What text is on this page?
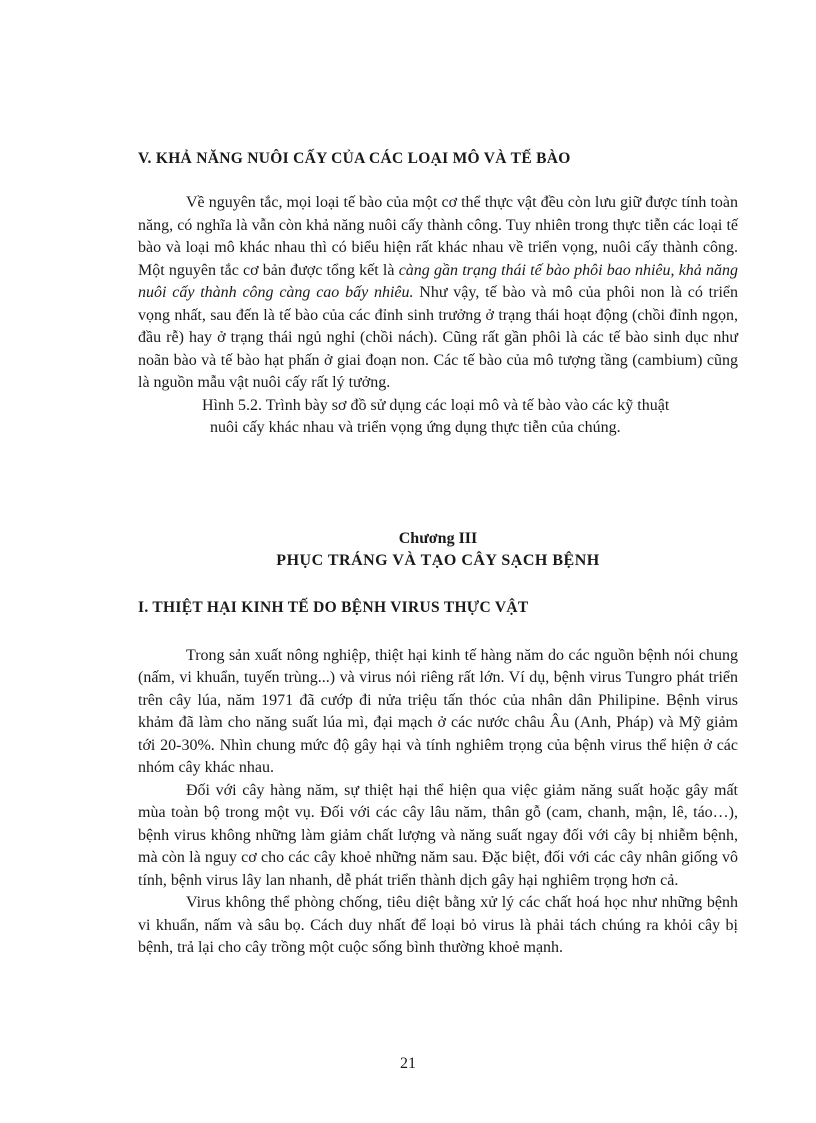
V. KHẢ NĂNG NUÔI CẤY CỦA CÁC LOẠI MÔ VÀ TẾ BÀO

Về nguyên tắc, mọi loại tế bào của một cơ thể thực vật đều còn lưu giữ được tính toàn năng, có nghĩa là vẫn còn khả năng nuôi cấy thành công. Tuy nhiên trong thực tiễn các loại tế bào và loại mô khác nhau thì có biểu hiện rất khác nhau về triển vọng, nuôi cấy thành công. Một nguyên tắc cơ bản được tổng kết là càng gần trạng thái tế bào phôi bao nhiêu, khả năng nuôi cấy thành công càng cao bấy nhiêu. Như vậy, tế bào và mô của phôi non là có triển vọng nhất, sau đến là tế bào của các đỉnh sinh trưởng ở trạng thái hoạt động (chồi đỉnh ngọn, đầu rễ) hay ở trạng thái ngủ nghỉ (chồi nách). Cũng rất gần phôi là các tế bào sinh dục như noãn bào và tế bào hạt phấn ở giai đoạn non. Các tế bào của mô tượng tầng (cambium) cũng là nguồn mẫu vật nuôi cấy rất lý tưởng.

Hình 5.2. Trình bày sơ đồ sử dụng các loại mô và tế bào vào các kỹ thuật
nuôi cấy khác nhau và triển vọng ứng dụng thực tiễn của chúng.

Chương III
PHỤC TRÁNG VÀ TẠO CÂY SẠCH BỆNH
I. THIỆT HẠI KINH TẾ DO BỆNH VIRUS THỰC VẬT

Trong sản xuất nông nghiệp, thiệt hại kinh tế hàng năm do các nguồn bệnh nói chung (nấm, vi khuẩn, tuyến trùng...) và virus nói riêng rất lớn. Ví dụ, bệnh virus Tungro phát triển trên cây lúa, năm 1971 đã cướp đi nửa triệu tấn thóc của nhân dân Philipine. Bệnh virus khảm đã làm cho năng suất lúa mì, đại mạch ở các nước châu Âu (Anh, Pháp) và Mỹ giảm tới 20-30%. Nhìn chung mức độ gây hại và tính nghiêm trọng của bệnh virus thể hiện ở các nhóm cây khác nhau.

Đối với cây hàng năm, sự thiệt hại thể hiện qua việc giảm năng suất hoặc gây mất mùa toàn bộ trong một vụ. Đối với các cây lâu năm, thân gỗ (cam, chanh, mận, lê, táo…), bệnh virus không những làm giảm chất lượng và năng suất ngay đối với cây bị nhiễm bệnh, mà còn là nguy cơ cho các cây khoẻ những năm sau. Đặc biệt, đối với các cây nhân giống vô tính, bệnh virus lây lan nhanh, dễ phát triển thành dịch gây hại nghiêm trọng hơn cả.

Virus không thể phòng chống, tiêu diệt bằng xử lý các chất hoá học như những bệnh vi khuẩn, nấm và sâu bọ. Cách duy nhất để loại bỏ virus là phải tách chúng ra khỏi cây bị bệnh, trả lại cho cây trồng một cuộc sống bình thường khoẻ mạnh.

21
